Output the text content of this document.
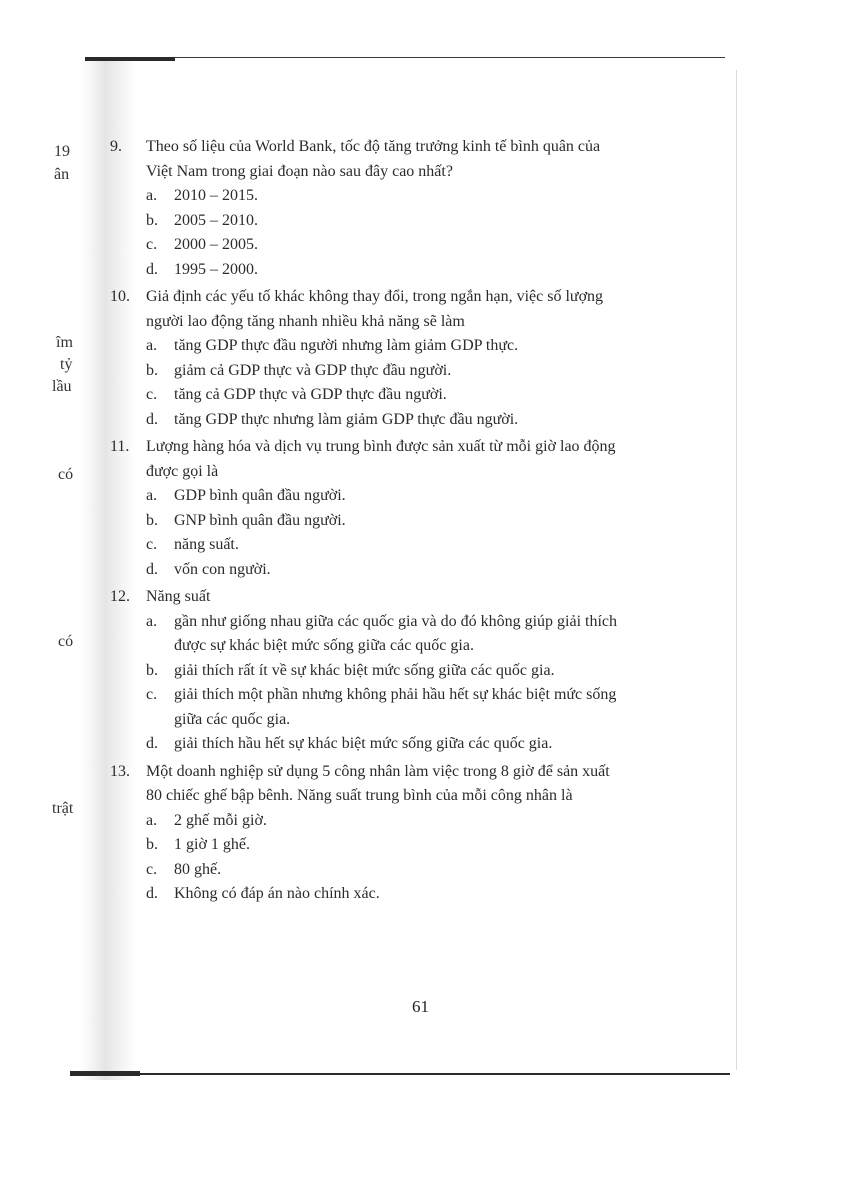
19
ân
îm
tỷ
lầu
có
có
trật
9.	Theo số liệu của World Bank, tốc độ tăng trưởng kinh tế bình quân của
Việt Nam trong giai đoạn nào sau đây cao nhất?
a.	2010 – 2015.
b.	2005 – 2010.
c.	2000 – 2005.
d.	1995 – 2000.
10.	Giả định các yếu tố khác không thay đổi, trong ngắn hạn, việc số lượng
người lao động tăng nhanh nhiều khả năng sẽ làm
a.	tăng GDP thực đầu người nhưng làm giảm GDP thực.
b.	giảm cả GDP thực và GDP thực đầu người.
c.	tăng cả GDP thực và GDP thực đầu người.
d.	tăng GDP thực nhưng làm giảm GDP thực đầu người.
11.	Lượng hàng hóa và dịch vụ trung bình được sản xuất từ mỗi giờ lao động
được gọi là
a.	GDP bình quân đầu người.
b.	GNP bình quân đầu người.
c.	năng suất.
d.	vốn con người.
12.	Năng suất
a.	gần như giống nhau giữa các quốc gia và do đó không giúp giải thích
được sự khác biệt mức sống giữa các quốc gia.
b.	giải thích rất ít về sự khác biệt mức sống giữa các quốc gia.
c.	giải thích một phần nhưng không phải hầu hết sự khác biệt mức sống
giữa các quốc gia.
d.	giải thích hầu hết sự khác biệt mức sống giữa các quốc gia.
13.	Một doanh nghiệp sử dụng 5 công nhân làm việc trong 8 giờ để sản xuất
80 chiếc ghế bập bênh. Năng suất trung bình của mỗi công nhân là
a.	2 ghế mỗi giờ.
b.	1 giờ 1 ghế.
c.	80 ghế.
d.	Không có đáp án nào chính xác.
61
